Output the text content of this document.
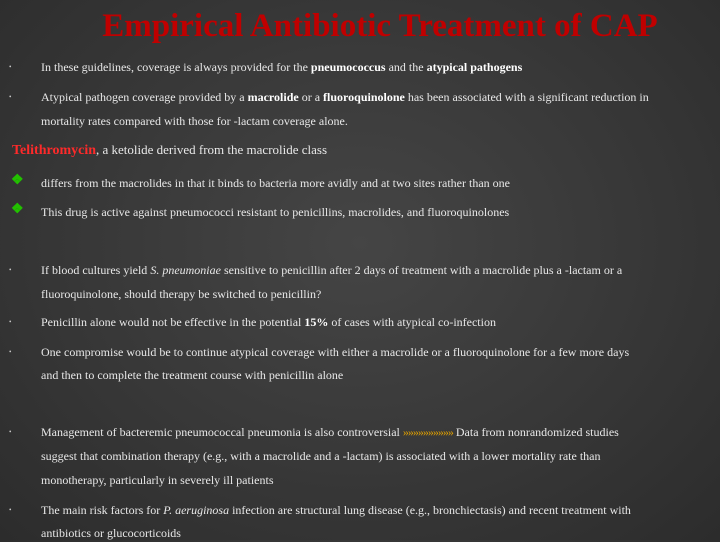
Empirical Antibiotic Treatment of CAP
• In these guidelines, coverage is always provided for the pneumococcus and the atypical pathogens
• Atypical pathogen coverage provided by a macrolide or a fluoroquinolone has been associated with a significant reduction in
mortality rates compared with those for -lactam coverage alone.
Telithromycin, a ketolide derived from the macrolide class
❖ differs from the macrolides in that it binds to bacteria more avidly and at two sites rather than one
❖ This drug is active against pneumococci resistant to penicillins, macrolides, and fluoroquinolones
• If blood cultures yield S. pneumoniae sensitive to penicillin after 2 days of treatment with a macrolide plus a -lactam or a
fluoroquinolone, should therapy be switched to penicillin?
• Penicillin alone would not be effective in the potential 15% of cases with atypical co-infection
• One compromise would be to continue atypical coverage with either a macrolide or a fluoroquinolone for a few more days
and then to complete the treatment course with penicillin alone
• Management of bacteremic pneumococcal pneumonia is also controversial »»»»»»»»»» Data from nonrandomized studies
suggest that combination therapy (e.g., with a macrolide and a -lactam) is associated with a lower mortality rate than
monotherapy, particularly in severely ill patients
• The main risk factors for P. aeruginosa infection are structural lung disease (e.g., bronchiectasis) and recent treatment with
antibiotics or glucocorticoids
